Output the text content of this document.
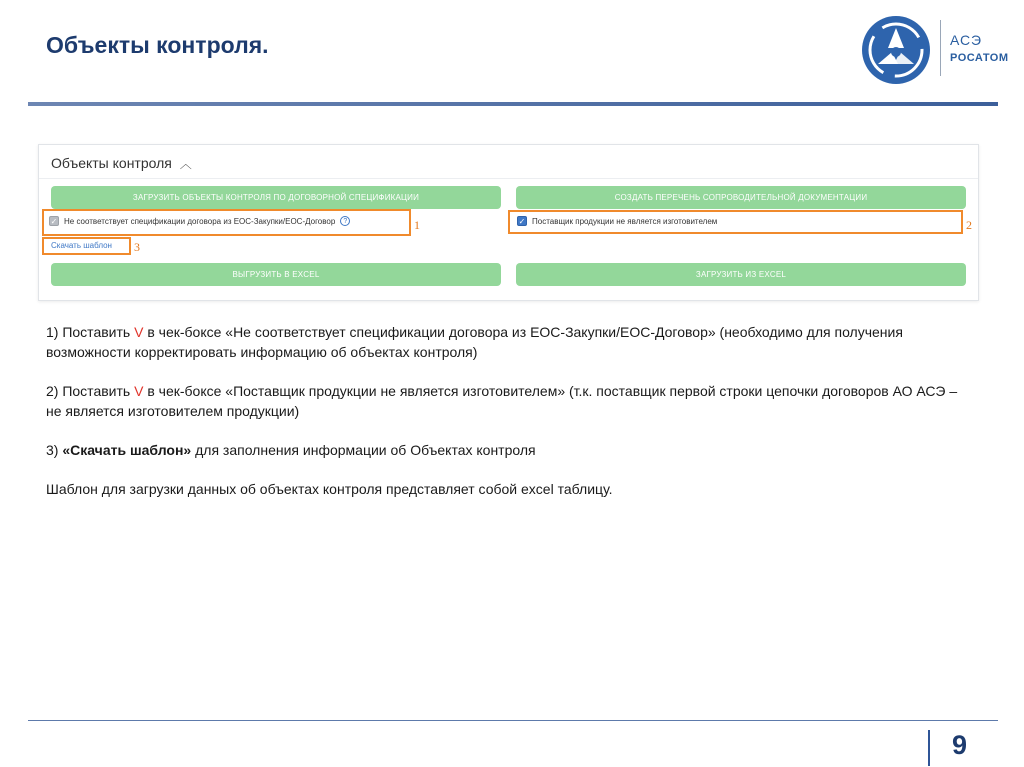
Объекты контроля.	АСЭ
РОСАТОМ
Объекты контроля ︿
ЗАГРУЗИТЬ ОБЪЕКТЫ КОНТРОЛЯ ПО ДОГОВОРНОЙ СПЕЦИФИКАЦИИ	СОЗДАТЬ ПЕРЕЧЕНЬ СОПРОВОДИТЕЛЬНОЙ ДОКУМЕНТАЦИИ
✓ Не соответствует спецификации договора из ЕОС-Закупки/ЕОС-Договор	?	✓ Поставщик продукции не является изготовителем
Скачать шаблон
ВЫГРУЗИТЬ В EXCEL	ЗАГРУЗИТЬ ИЗ EXCEL
1	2
3

1) Поставить V в чек-боксе «Не соответствует спецификации договора из ЕОС-Закупки/ЕОС-Договор» (необходимо для получения возможности корректировать информацию об объектах контроля)

2) Поставить V в чек-боксе «Поставщик продукции не является изготовителем» (т.к. поставщик первой строки цепочки договоров АО АСЭ – не является изготовителем продукции)

3) «Скачать шаблон» для заполнения информации об Объектах контроля

Шаблон для загрузки данных об объектах контроля представляет собой excel таблицу.

9
